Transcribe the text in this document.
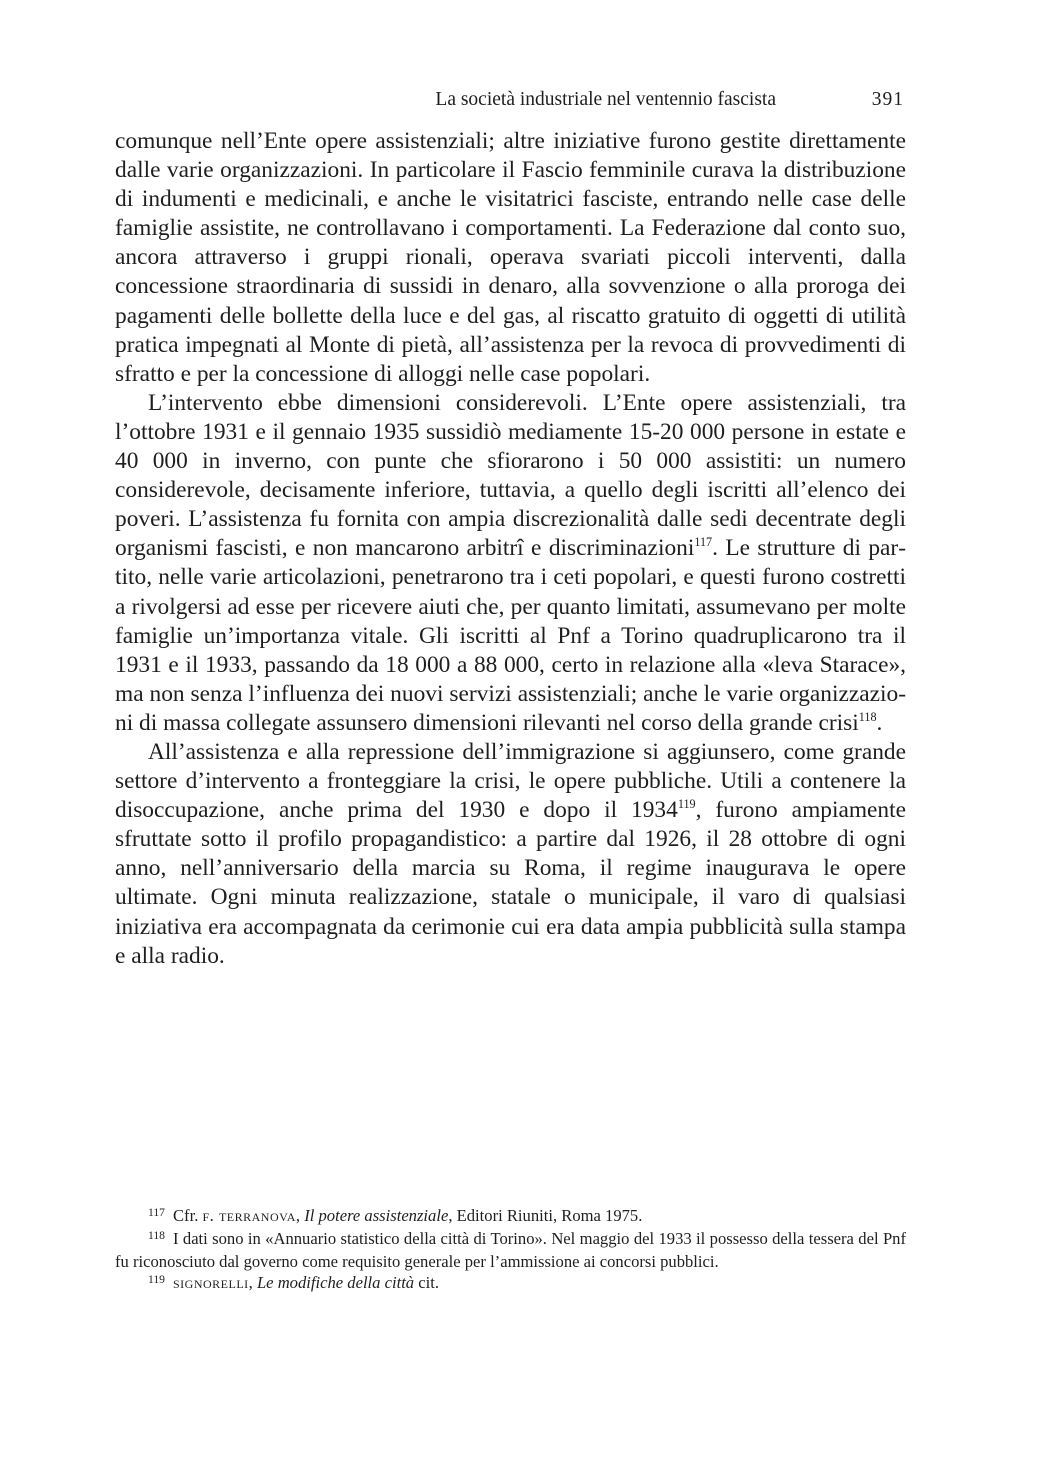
La società industriale nel ventennio fascista	391

comunque nell’Ente opere assistenziali; altre iniziative furono gestite direttamente dalle varie organizzazioni. In particolare il Fascio femminile curava la distribuzione di indumenti e medicinali, e anche le visitatrici fasciste, entrando nelle case delle famiglie assistite, ne controllavano i comportamenti. La Federazione dal conto suo, ancora attraverso i gruppi rionali, operava svariati piccoli interventi, dalla concessione straordinaria di sussidi in denaro, alla sovvenzione o alla proroga dei pagamenti delle bollette della luce e del gas, al riscatto gratuito di oggetti di utilità pratica impegnati al Monte di pietà, all’assistenza per la revoca di provvedimenti di sfratto e per la concessione di alloggi nelle case popolari.

L’intervento ebbe dimensioni considerevoli. L’Ente opere assistenziali, tra l’ottobre 1931 e il gennaio 1935 sussidiò mediamente 15-20 000 persone in estate e 40 000 in inverno, con punte che sfiorarono i 50 000 assistiti: un numero considerevole, decisamente inferiore, tuttavia, a quello degli iscritti all’elenco dei poveri. L’assistenza fu fornita con ampia discrezionalità dalle sedi decentrate degli organismi fascisti, e non mancarono arbitrî e discriminazioni$^{117}$. Le strutture di partito, nelle varie articolazioni, penetrarono tra i ceti popolari, e questi furono costretti a rivolgersi ad esse per ricevere aiuti che, per quanto limitati, assumevano per molte famiglie un’importanza vitale. Gli iscritti al Pnf a Torino quadruplicarono tra il 1931 e il 1933, passando da 18 000 a 88 000, certo in relazione alla «leva Starace», ma non senza l’influenza dei nuovi servizi assistenziali; anche le varie organizzazioni di massa collegate assunsero dimensioni rilevanti nel corso della grande crisi$^{118}$.

All’assistenza e alla repressione dell’immigrazione si aggiunsero, come grande settore d’intervento a fronteggiare la crisi, le opere pubbliche. Utili a contenere la disoccupazione, anche prima del 1930 e dopo il 1934$^{119}$, furono ampiamente sfruttate sotto il profilo propagandistico: a partire dal 1926, il 28 ottobre di ogni anno, nell’anniversario della marcia su Roma, il regime inaugurava le opere ultimate. Ogni minuta realizzazione, statale o municipale, il varo di qualsiasi iniziativa era accompagnata da cerimonie cui era data ampia pubblicità sulla stampa e alla radio.

$^{117}$ Cfr. f. terranova, Il potere assistenziale, Editori Riuniti, Roma 1975.

$^{118}$ I dati sono in «Annuario statistico della città di Torino». Nel maggio del 1933 il possesso della tessera del Pnf fu riconosciuto dal governo come requisito generale per l’ammissione ai concorsi pubblici.

$^{119}$ signorelli, Le modifiche della città cit.
